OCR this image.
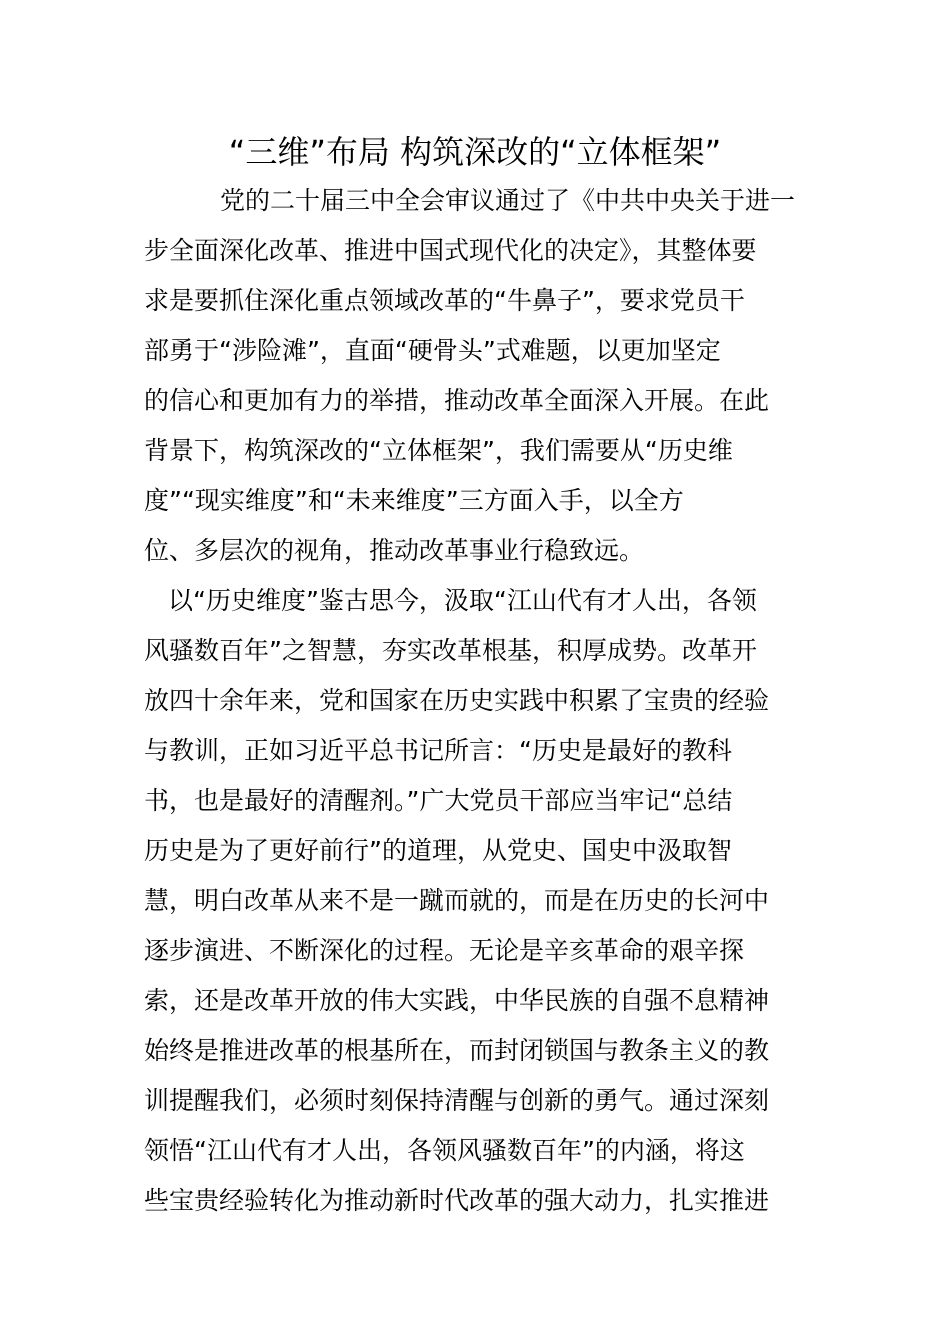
“三维”布局 构筑深改的“立体框架”
党的二十届三中全会审议通过了《中共中央关于进一
步全面深化改革、推进中国式现代化的决定》，其整体要
求是要抓住深化重点领域改革的“牛鼻子”，要求党员干
部勇于“涉险滩”，直面“硬骨头”式难题，以更加坚定
的信心和更加有力的举措，推动改革全面深入开展。在此
背景下，构筑深改的“立体框架”，我们需要从“历史维
度”“现实维度”和“未来维度”三方面入手，以全方
位、多层次的视角，推动改革事业行稳致远。
以“历史维度”鉴古思今，汲取“江山代有才人出，各领
风骚数百年”之智慧，夯实改革根基，积厚成势。改革开
放四十余年来，党和国家在历史实践中积累了宝贵的经验
与教训，正如习近平总书记所言：“历史是最好的教科
书，也是最好的清醒剂。”广大党员干部应当牢记“总结
历史是为了更好前行”的道理，从党史、国史中汲取智
慧，明白改革从来不是一蹴而就的，而是在历史的长河中
逐步演进、不断深化的过程。无论是辛亥革命的艰辛探
索，还是改革开放的伟大实践，中华民族的自强不息精神
始终是推进改革的根基所在，而封闭锁国与教条主义的教
训提醒我们，必须时刻保持清醒与创新的勇气。通过深刻
领悟“江山代有才人出，各领风骚数百年”的内涵，将这
些宝贵经验转化为推动新时代改革的强大动力，扎实推进
